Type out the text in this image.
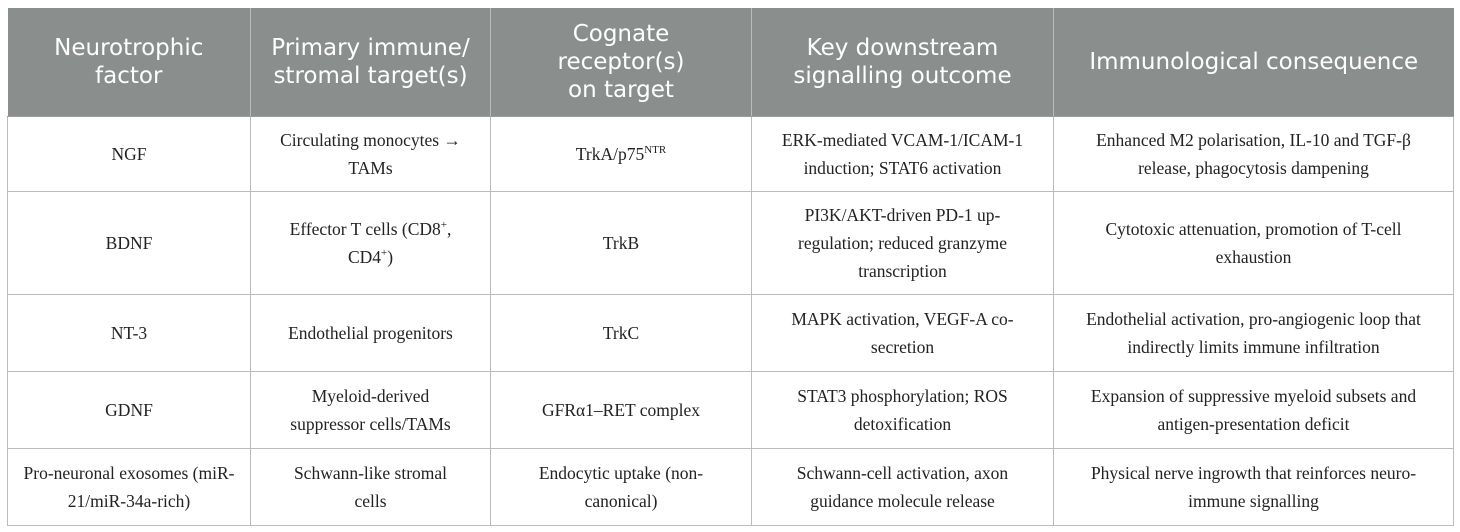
Neurotrophic factor	Primary immune/ stromal target(s)	Cognate receptor(s) on target	Key downstream signalling outcome	Immunological consequence
NGF	Circulating monocytes → TAMs	TrkA/$p75^{NTR}$	ERK-mediated VCAM-1/ICAM-1 induction; STAT6 activation	Enhanced M2 polarisation, IL-10 and TGF-β release, phagocytosis dampening
BDNF	Effector T cells (CD8+, CD4+)	TrkB	PI3K/AKT-driven PD-1 up-regulation; reduced granzyme transcription	Cytotoxic attenuation, promotion of T-cell exhaustion
NT-3	Endothelial progenitors	TrkC	MAPK activation, VEGF-A co-secretion	Endothelial activation, pro-angiogenic loop that indirectly limits immune infiltration
GDNF	Myeloid-derived suppressor cells/TAMs	GFRα1–RET complex	STAT3 phosphorylation; ROS detoxification	Expansion of suppressive myeloid subsets and antigen-presentation deficit
Pro-neuronal exosomes (miR-21/miR-34a-rich)	Schwann-like stromal cells	Endocytic uptake (non-canonical)	Schwann-cell activation, axon guidance molecule release	Physical nerve ingrowth that reinforces neuro-immune signalling
